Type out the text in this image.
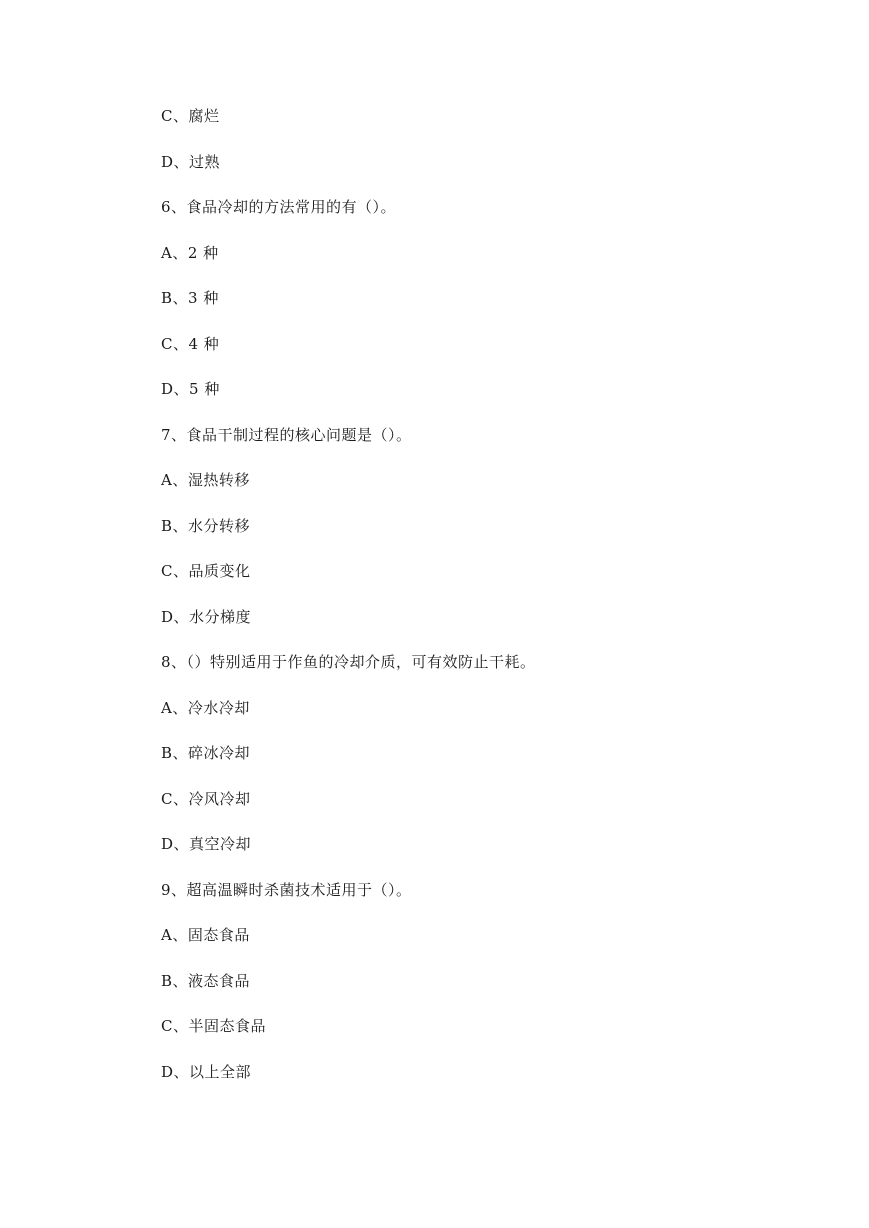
C、腐烂
D、过熟
6、食品冷却的方法常用的有（）。
A、2 种
B、3 种
C、4 种
D、5 种
7、食品干制过程的核心问题是（）。
A、湿热转移
B、水分转移
C、品质变化
D、水分梯度
8、（）特别适用于作鱼的冷却介质，可有效防止干耗。
A、冷水冷却
B、碎冰冷却
C、冷风冷却
D、真空冷却
9、超高温瞬时杀菌技术适用于（）。
A、固态食品
B、液态食品
C、半固态食品
D、以上全部
